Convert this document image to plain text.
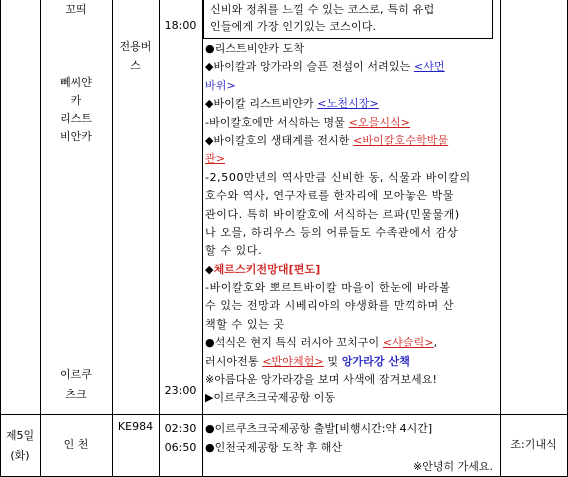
신비와 정취를 느낄 수 있는 코스로, 특히 유럽
인들에게 가장 인기있는 코스이다.
꼬띄
뻬씨얀
카
리스트
비안카
이르쿠
츠크
전용버
스
18:00
23:00
●리스트비얀카 도착
◆바이칼과 앙가라의 슬픈 전설이 서려있는 <샤먼
바위>
◆바이칼 리스트비얀카 <노천시장>
-바이칼호에만 서식하는 명물 <오믈시식>
◆바이칼호의 생태계를 전시한 <바이칼호수학박물
관>
-2,500만년의 역사만큼 신비한 동, 식물과 바이칼의
호수와 역사, 연구자료를 한자리에 모아놓은 박물
관이다. 특히 바이칼호에 서식하는 르파(민물물개)
나 오믈, 하리우스 등의 어류들도 수족관에서 감상
할 수 있다.
◆체르스키전망대[편도]
-바이칼호와 뽀르트바이칼 마을이 한눈에 바라볼
수 있는 전망과 시베리아의 야생화를 만끽하며 산
책할 수 있는 곳
●석식은 현지 특식 러시아 꼬치구이 <샤슬릭>,
러시아전통 <반야체험> 및 앙가라강 산책
※아름다운 앙가라강을 보며 사색에 잠겨보세요!
▶이르쿠츠크국제공항 이동
제5일
(화)
인 천
KE984	02:30
06:50
●이르쿠츠크국제공항 출발[비행시간:약 4시간]
●인천국제공항 도착 후 해산
※안녕히 가세요.
조:기내식
